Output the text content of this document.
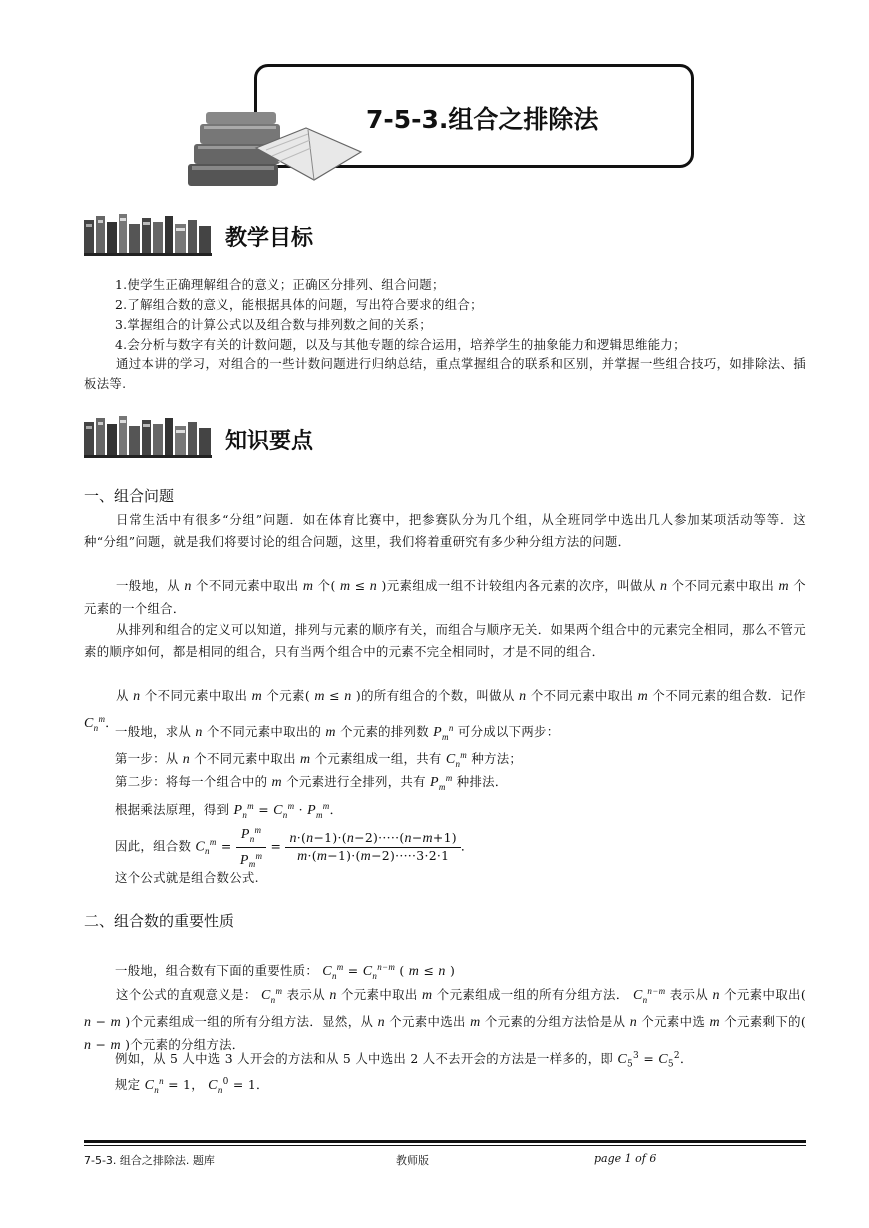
7-5-3.组合之排除法
教学目标
1.使学生正确理解组合的意义；正确区分排列、组合问题；
2.了解组合数的意义，能根据具体的问题，写出符合要求的组合；
3.掌握组合的计算公式以及组合数与排列数之间的关系；
4.会分析与数字有关的计数问题，以及与其他专题的综合运用，培养学生的抽象能力和逻辑思维能力；
通过本讲的学习，对组合的一些计数问题进行归纳总结，重点掌握组合的联系和区别，并掌握一些组合技巧，如排除法、插板法等.
知识要点
一、组合问题
日常生活中有很多“分组”问题．如在体育比赛中，把参赛队分为几个组，从全班同学中选出几人参加某项活动等等．这种“分组”问题，就是我们将要讨论的组合问题，这里，我们将着重研究有多少种分组方法的问题．
一般地，从 n 个不同元素中取出 m 个( m ≤ n )元素组成一组不计较组内各元素的次序，叫做从 n 个不同元素中取出 m 个元素的一个组合．
从排列和组合的定义可以知道，排列与元素的顺序有关，而组合与顺序无关．如果两个组合中的元素完全相同，那么不管元素的顺序如何，都是相同的组合，只有当两个组合中的元素不完全相同时，才是不同的组合．
从 n 个不同元素中取出 m 个元素( m ≤ n )的所有组合的个数，叫做从 n 个不同元素中取出 m 个不同元素的组合数．记作 $C_n^m$．
一般地，求从 n 个不同元素中取出的 m 个元素的排列数 $P_m^n$ 可分成以下两步：
第一步：从 n 个不同元素中取出 m 个元素组成一组，共有 $C_n^m$ 种方法；
第二步：将每一个组合中的 m 个元素进行全排列，共有 $P_m^m$ 种排法．
根据乘法原理，得到 $P_n^m = C_n^m \cdot P_m^m$．
因此，组合数 $C_n^m = \frac{P_n^m}{P_m^m} = \frac{n\cdot(n-1)\cdot(n-2)\cdot\cdot\cdot\cdot\cdot(n-m+1)}{m\cdot(m-1)\cdot(m-2)\cdot\cdot\cdot\cdot\cdot 3\cdot 2\cdot 1}$ ．
这个公式就是组合数公式.
二、组合数的重要性质
一般地，组合数有下面的重要性质： $C_n^m = C_n^{n-m}$ ( m ≤ n )
这个公式的直观意义是： $C_n^m$ 表示从 n 个元素中取出 m 个元素组成一组的所有分组方法． $C_n^{n-m}$ 表示从 n 个元素中取出( n − m )个元素组成一组的所有分组方法．显然，从 n 个元素中选出 m 个元素的分组方法恰是从 n 个元素中选 m 个元素剩下的( n − m )个元素的分组方法．
例如，从 5 人中选 3 人开会的方法和从 5 人中选出 2 人不去开会的方法是一样多的，即 $C_5^3 = C_5^2$．
规定 $C_n^n = 1$， $C_n^0 = 1$．
7-5-3. 组合之排除法. 题库	教师版	page 1 of 6
